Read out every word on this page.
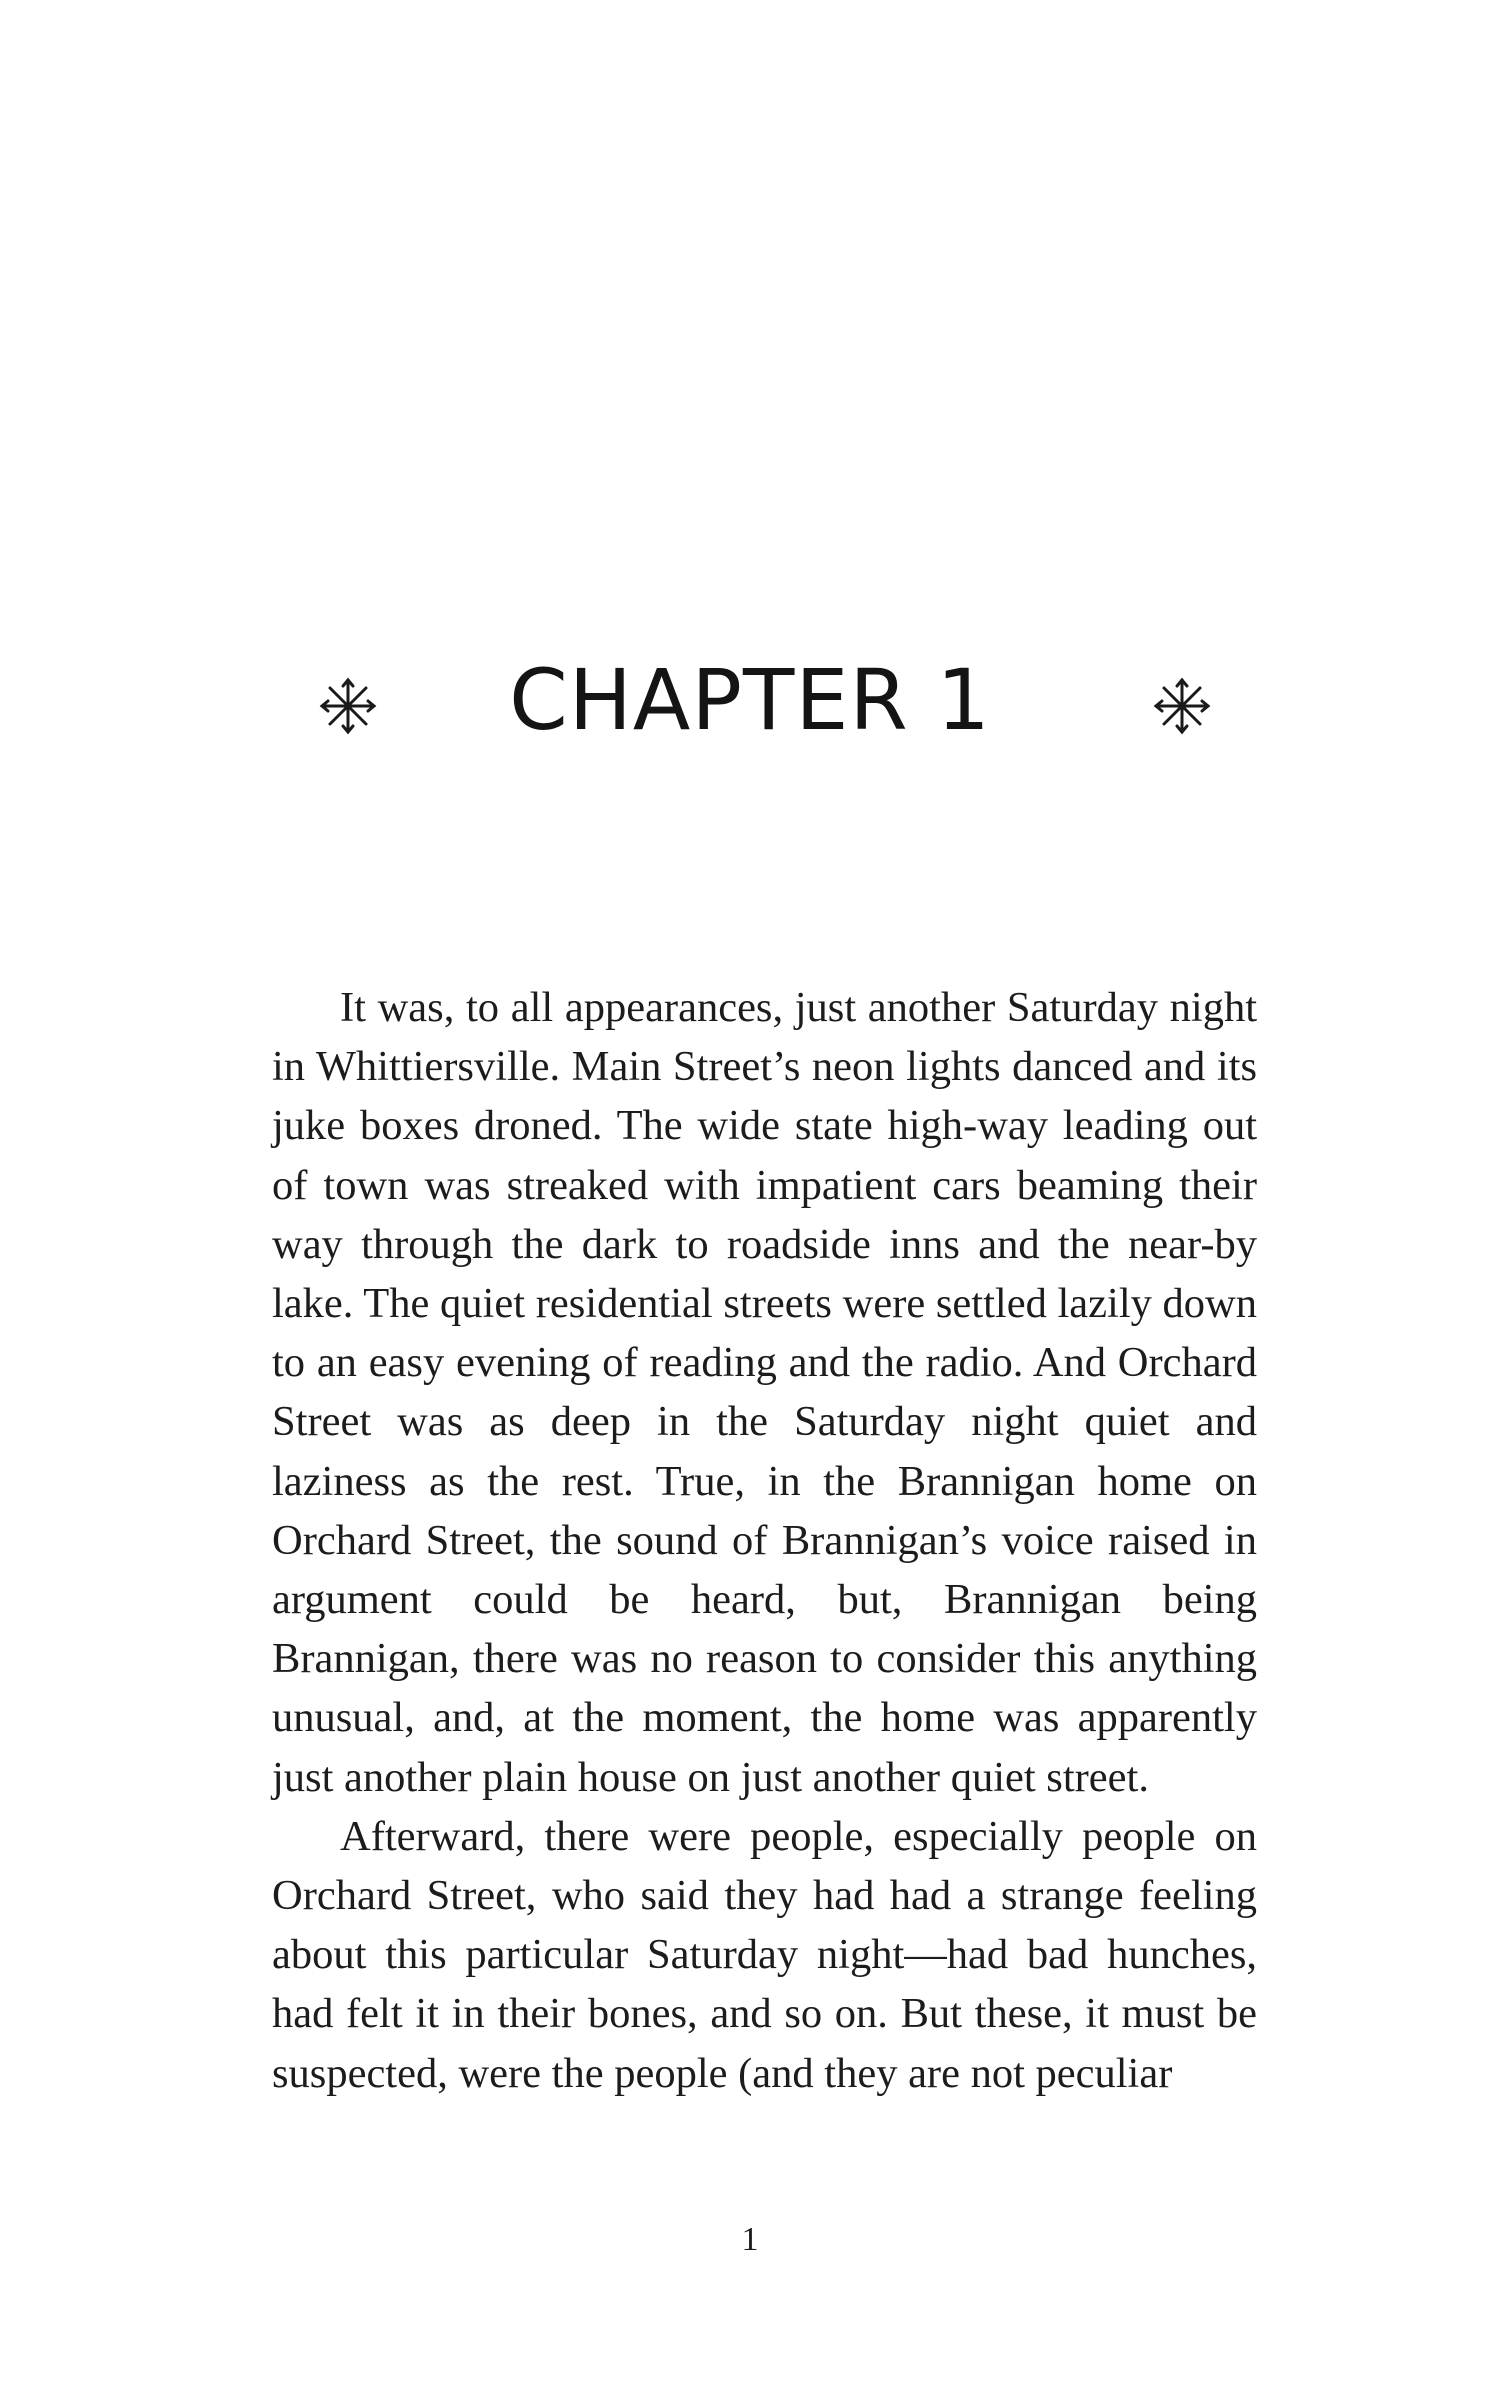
CHAPTER 1

It was, to all appearances, just another Saturday night in Whittiersville. Main Street’s neon lights danced and its juke boxes droned. The wide state high-way leading out of town was streaked with impatient cars beaming their way through the dark to roadside inns and the near-by lake. The quiet residential streets were settled lazily down to an easy evening of reading and the radio. And Orchard Street was as deep in the Saturday night quiet and laziness as the rest. True, in the Brannigan home on Orchard Street, the sound of Brannigan’s voice raised in argument could be heard, but, Brannigan being Brannigan, there was no reason to consider this anything unusual, and, at the moment, the home was apparently just another plain house on just another quiet street.

Afterward, there were people, especially people on Orchard Street, who said they had had a strange feeling about this particular Saturday night—had bad hunches, had felt it in their bones, and so on. But these, it must be suspected, were the people (and they are not peculiar

1
